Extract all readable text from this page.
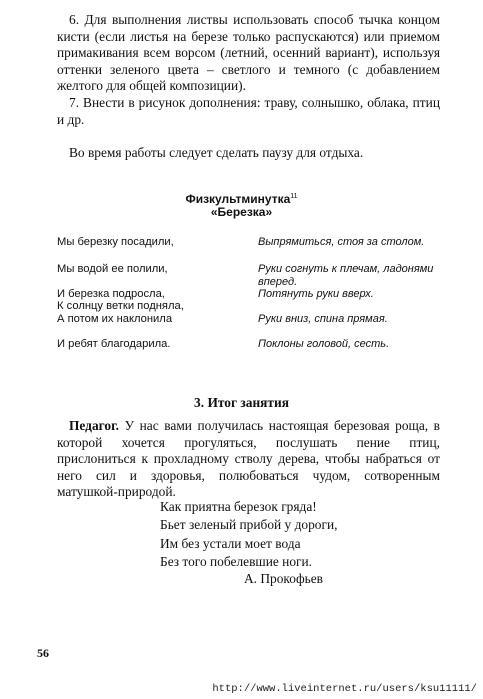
6. Для выполнения листвы использовать способ тычка концом кисти (если листья на березе только распускаются) или приемом примакивания всем ворсом (летний, осенний вариант), используя оттенки зеленого цвета – светлого и темного (с добавлением желтого для общей композиции).

7. Внести в рисунок дополнения: траву, солнышко, облака, птиц и др.

Во время работы следует сделать паузу для отдыха.

Физкультминутка$^{11}$
«Березка»
Мы березку посадили,	Выпрямиться, стоя за столом.
Мы водой ее полили,	Руки согнуть к плечам, ладонями вперед.
И березка подросла,	Потянуть руки вверх.
К солнцу ветки подняла,
А потом их наклонила	Руки вниз, спина прямая.
И ребят благодарила.	Поклоны головой, сесть.
3. Итог занятия

Педагог. У нас вами получилась настоящая березовая роща, в которой хочется прогуляться, послушать пение птиц, прислониться к прохладному стволу дерева, чтобы набраться от него сил и здоровья, полюбоваться чудом, сотворенным матушкой-природой.

Как приятна березок гряда!
Бьет зеленый прибой у дороги,
Им без устали моет вода
Без того побелевшие ноги.
А. Прокофьев
56
http://www.liveinternet.ru/users/ksu11111/
